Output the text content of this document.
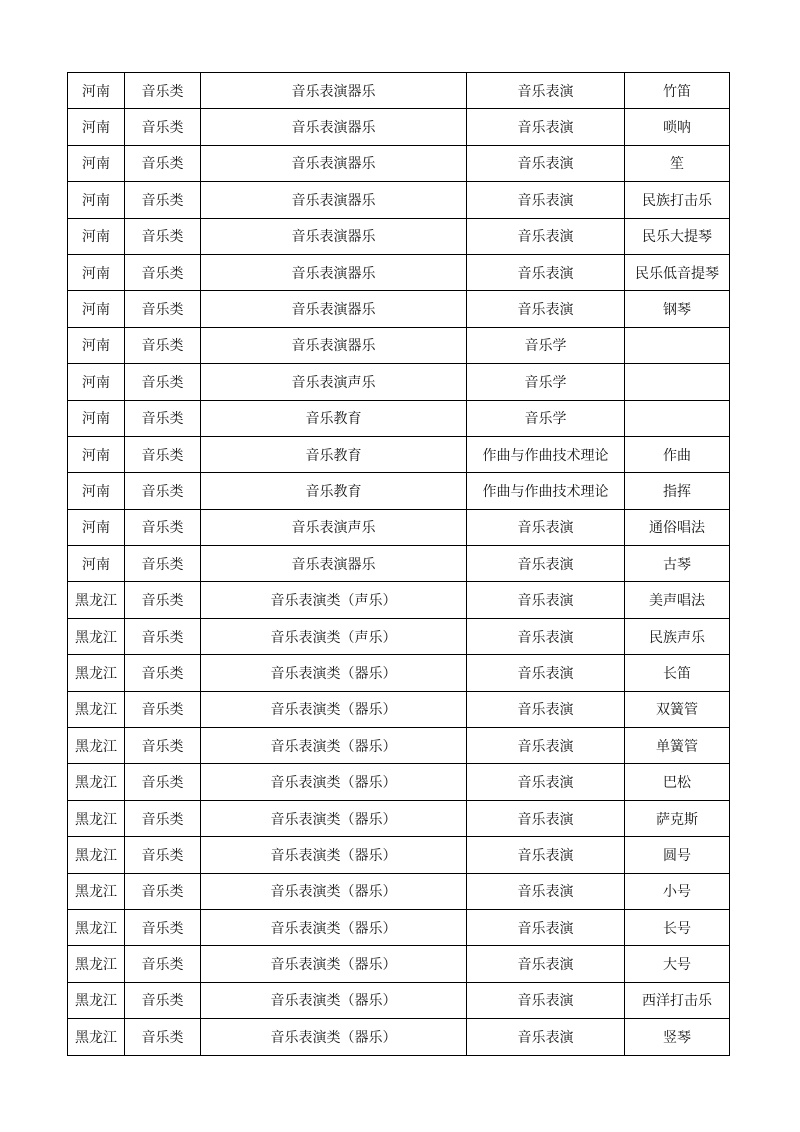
河南	音乐类	音乐表演器乐	音乐表演	竹笛
河南	音乐类	音乐表演器乐	音乐表演	唢呐
河南	音乐类	音乐表演器乐	音乐表演	笙
河南	音乐类	音乐表演器乐	音乐表演	民族打击乐
河南	音乐类	音乐表演器乐	音乐表演	民乐大提琴
河南	音乐类	音乐表演器乐	音乐表演	民乐低音提琴
河南	音乐类	音乐表演器乐	音乐表演	钢琴
河南	音乐类	音乐表演器乐	音乐学	
河南	音乐类	音乐表演声乐	音乐学	
河南	音乐类	音乐教育	音乐学	
河南	音乐类	音乐教育	作曲与作曲技术理论	作曲
河南	音乐类	音乐教育	作曲与作曲技术理论	指挥
河南	音乐类	音乐表演声乐	音乐表演	通俗唱法
河南	音乐类	音乐表演器乐	音乐表演	古琴
黑龙江	音乐类	音乐表演类（声乐）	音乐表演	美声唱法
黑龙江	音乐类	音乐表演类（声乐）	音乐表演	民族声乐
黑龙江	音乐类	音乐表演类（器乐）	音乐表演	长笛
黑龙江	音乐类	音乐表演类（器乐）	音乐表演	双簧管
黑龙江	音乐类	音乐表演类（器乐）	音乐表演	单簧管
黑龙江	音乐类	音乐表演类（器乐）	音乐表演	巴松
黑龙江	音乐类	音乐表演类（器乐）	音乐表演	萨克斯
黑龙江	音乐类	音乐表演类（器乐）	音乐表演	圆号
黑龙江	音乐类	音乐表演类（器乐）	音乐表演	小号
黑龙江	音乐类	音乐表演类（器乐）	音乐表演	长号
黑龙江	音乐类	音乐表演类（器乐）	音乐表演	大号
黑龙江	音乐类	音乐表演类（器乐）	音乐表演	西洋打击乐
黑龙江	音乐类	音乐表演类（器乐）	音乐表演	竖琴
